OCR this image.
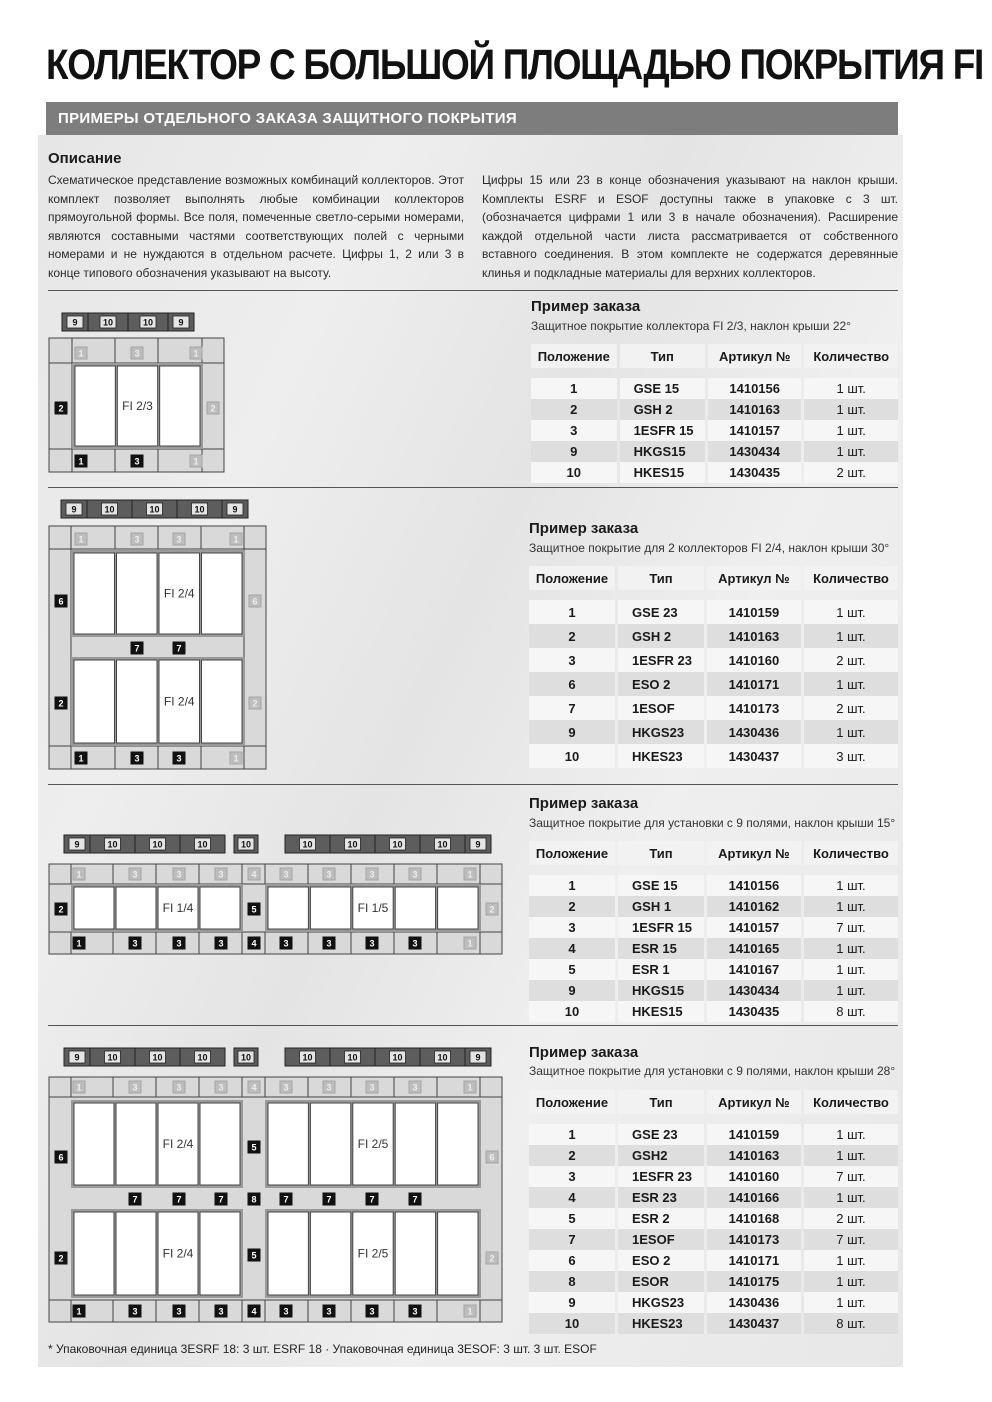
КОЛЛЕКТОР С БОЛЬШОЙ ПЛОЩАДЬЮ ПОКРЫТИЯ FI
ПРИМЕРЫ ОТДЕЛЬНОГО ЗАКАЗА ЗАЩИТНОГО ПОКРЫТИЯ
Описание
Схематическое представление возможных комбинаций коллекторов. Этот комплект позволяет выполнять любые комбинации коллекторов прямоугольной формы. Все поля, помеченные светло-серыми номерами, являются составными частями соответствующих полей с черными номерами и не нуждаются в отдельном расчете. Цифры 1, 2 или 3 в конце типового обозначения указывают на высоту.
Цифры 15 или 23 в конце обозначения указывают на наклон крыши. Комплекты ESRF и ESOF доступны также в упаковке с 3 шт. (обозначается цифрами 1 или 3 в начале обозначения). Расширение каждой отдельной части листа рассматривается от собственного вставного соединения. В этом комплекте не содержатся деревянные клинья и подкладные материалы для верхних коллекторов.
Пример заказа
Защитное покрытие коллектора FI 2/3, наклон крыши 22°
Положение	Тип	Артикул №	Количество

1	GSE 15	1410156	1 шт.
2	GSH 2	1410163	1 шт.
3	1ESFR 15	1410157	1 шт.
9	HKGS15	1430434	1 шт.
10	HKES15	1430435	2 шт.
Пример заказа
Защитное покрытие для 2 коллекторов FI 2/4, наклон крыши 30°
Положение	Тип	Артикул №	Количество

1	GSE 23	1410159	1 шт.
2	GSH 2	1410163	1 шт.
3	1ESFR 23	1410160	2 шт.
6	ESO 2	1410171	1 шт.
7	1ESOF	1410173	2 шт.
9	HKGS23	1430436	1 шт.
10	HKES23	1430437	3 шт.
Пример заказа
Защитное покрытие для установки с 9 полями, наклон крыши 15°
Положение	Тип	Артикул №	Количество

1	GSE 15	1410156	1 шт.
2	GSH 1	1410162	1 шт.
3	1ESFR 15	1410157	7 шт.
4	ESR 15	1410165	1 шт.
5	ESR 1	1410167	1 шт.
9	HKGS15	1430434	1 шт.
10	HKES15	1430435	8 шт.
Пример заказа
Защитное покрытие для установки с 9 полями, наклон крыши 28°
Положение	Тип	Артикул №	Количество

1	GSE 23	1410159	1 шт.
2	GSH2	1410163	1 шт.
3	1ESFR 23	1410160	7 шт.
4	ESR 23	1410166	1 шт.
5	ESR 2	1410168	2 шт.
7	1ESOF	1410173	7 шт.
6	ESO 2	1410171	1 шт.
8	ESOR	1410175	1 шт.
9	HKGS23	1430436	1 шт.
10	HKES23	1430437	8 шт.
9	10	10	9
FI 2/3
1	3	1
1	3	1
2	2
9	10	10	10	9
FI 2/4
FI 2/4
1	3	3	1
7	7
1	3	3	1
6
2
6
2
9	10	10	10	10	10	10	10	10	9
1	3	3	3	4	3	3	3	3	1
1	3	3	3	4	3	3	3	3	1
FI 1/4	FI 1/5
2	5	2
9	10	10	10	10	10	10	10	10	9
1	3	3	3	4	3	3	3	3	1
1	3	3	3	4	3	3	3	3	1
FI 2/4	FI 2/5
FI 2/4	FI 2/5
7	7	7	8	7	7	7	7
6
2
5
5
6
2
* Упаковочная единица 3ESRF 18: 3 шт. ESRF 18 · Упаковочная единица 3ESOF: 3 шт. 3 шт. ESOF
